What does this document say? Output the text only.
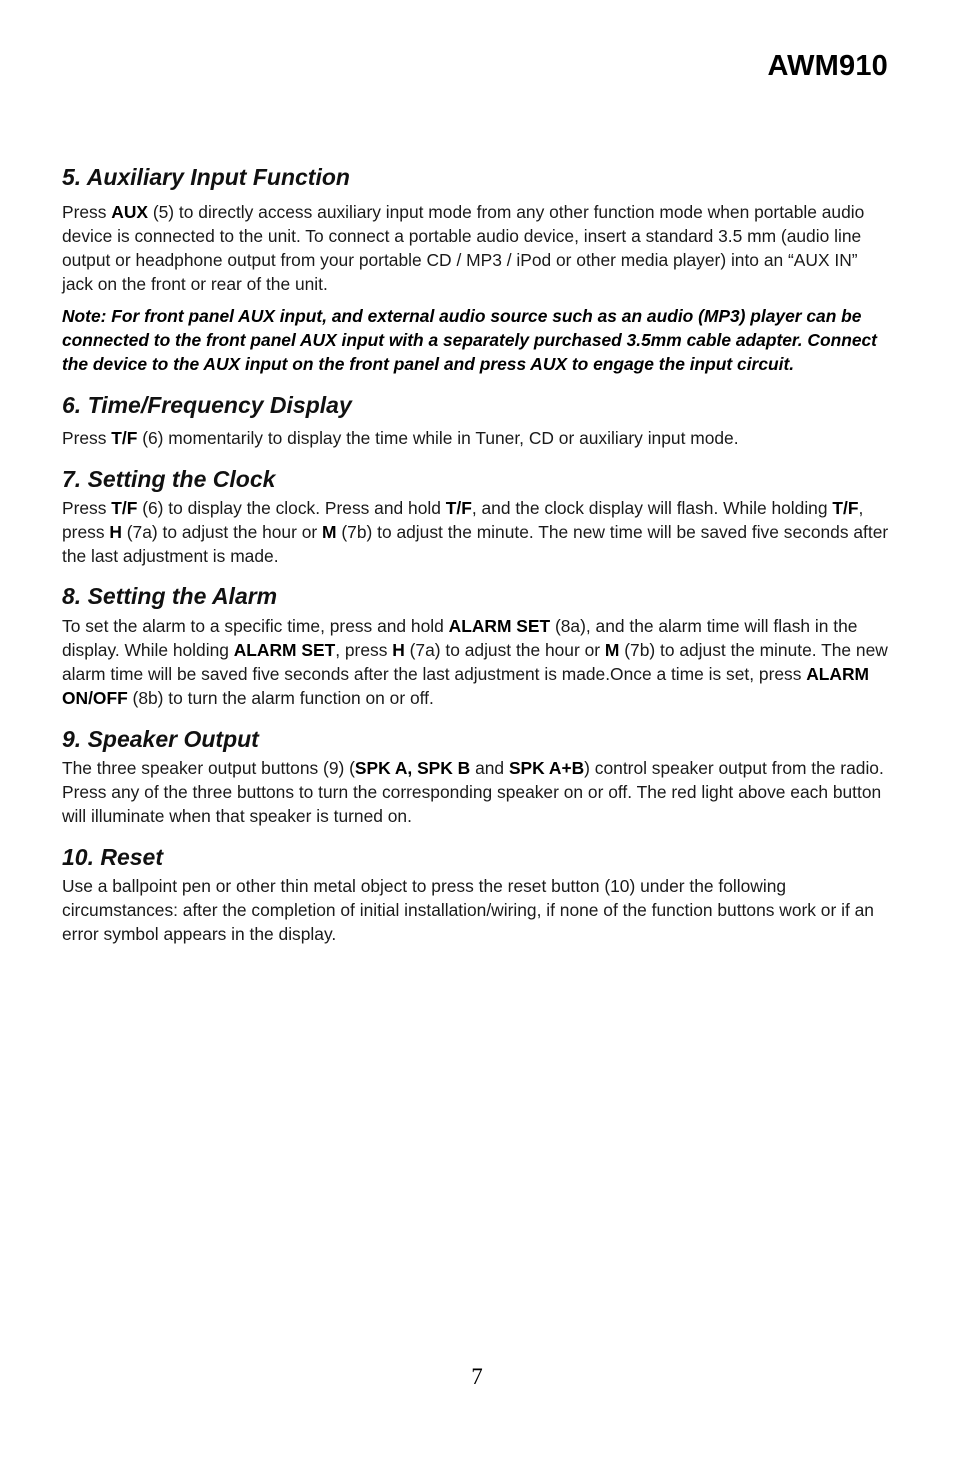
AWM910
5. Auxiliary Input Function

Press AUX (5) to directly access auxiliary input mode from any other function mode when portable audio device is connected to the unit. To connect a portable audio device, insert a standard 3.5 mm (audio line output or headphone output from your portable CD / MP3 / iPod or other media player) into an “AUX IN” jack on the front or rear of the unit.

Note: For front panel AUX input, and external audio source such as an audio (MP3) player can be connected to the front panel AUX input with a separately purchased 3.5mm cable adapter. Connect the device to the AUX input on the front panel and press AUX to engage the input circuit.

6. Time/Frequency Display

Press T/F (6) momentarily to display the time while in Tuner, CD or auxiliary input mode.

7. Setting the Clock

Press T/F (6) to display the clock. Press and hold T/F, and the clock display will flash. While holding T/F, press H (7a) to adjust the hour or M (7b) to adjust the minute. The new time will be saved five seconds after the last adjustment is made.

8. Setting the Alarm

To set the alarm to a specific time, press and hold ALARM SET (8a), and the alarm time will flash in the display. While holding ALARM SET, press H (7a) to adjust the hour or M (7b) to adjust the minute. The new alarm time will be saved five seconds after the last adjustment is made.Once a time is set, press ALARM ON/OFF (8b) to turn the alarm function on or off.

9. Speaker Output

The three speaker output buttons (9) (SPK A, SPK B and SPK A+B) control speaker output from the radio. Press any of the three buttons to turn the corresponding speaker on or off. The red light above each button will illuminate when that speaker is turned on.

10. Reset

Use a ballpoint pen or other thin metal object to press the reset button (10) under the following circumstances: after the completion of initial installation/wiring, if none of the function buttons work or if an error symbol appears in the display.

7
